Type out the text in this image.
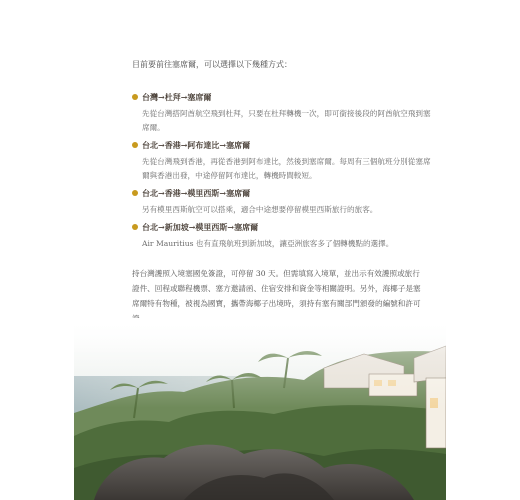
目前要前往塞席爾，可以選擇以下幾種方式：
台灣→杜拜→塞席爾
先從台灣搭阿酋航空飛到杜拜，只要在杜拜轉機一次，即可銜接後段的阿酋航空飛到塞席爾。
台北→香港→阿布達比→塞席爾
先從台灣飛到香港，再從香港到阿布達比，然後到塞席爾。每周有三個航班分別從塞席爾與香港出發，中途停留阿布達比，轉機時間較短。
台北→香港→模里西斯→塞席爾
另有模里西斯航空可以搭乘，適合中途想要停留模里西斯旅行的旅客。
台北→新加坡→模里西斯→塞席爾
Air Mauritius 也有直飛航班到新加坡，讓亞洲旅客多了個轉機點的選擇。
持台灣護照入境塞國免簽證，可停留 30 天。但需填寫入境單，並出示有效護照或旅行證件、回程或聯程機票、塞方邀請函、住宿安排和資金等相關證明。另外，海椰子是塞席爾特有物種，被視為國寶，攜帶海椰子出境時，須持有塞有關部門頒發的編號和許可
